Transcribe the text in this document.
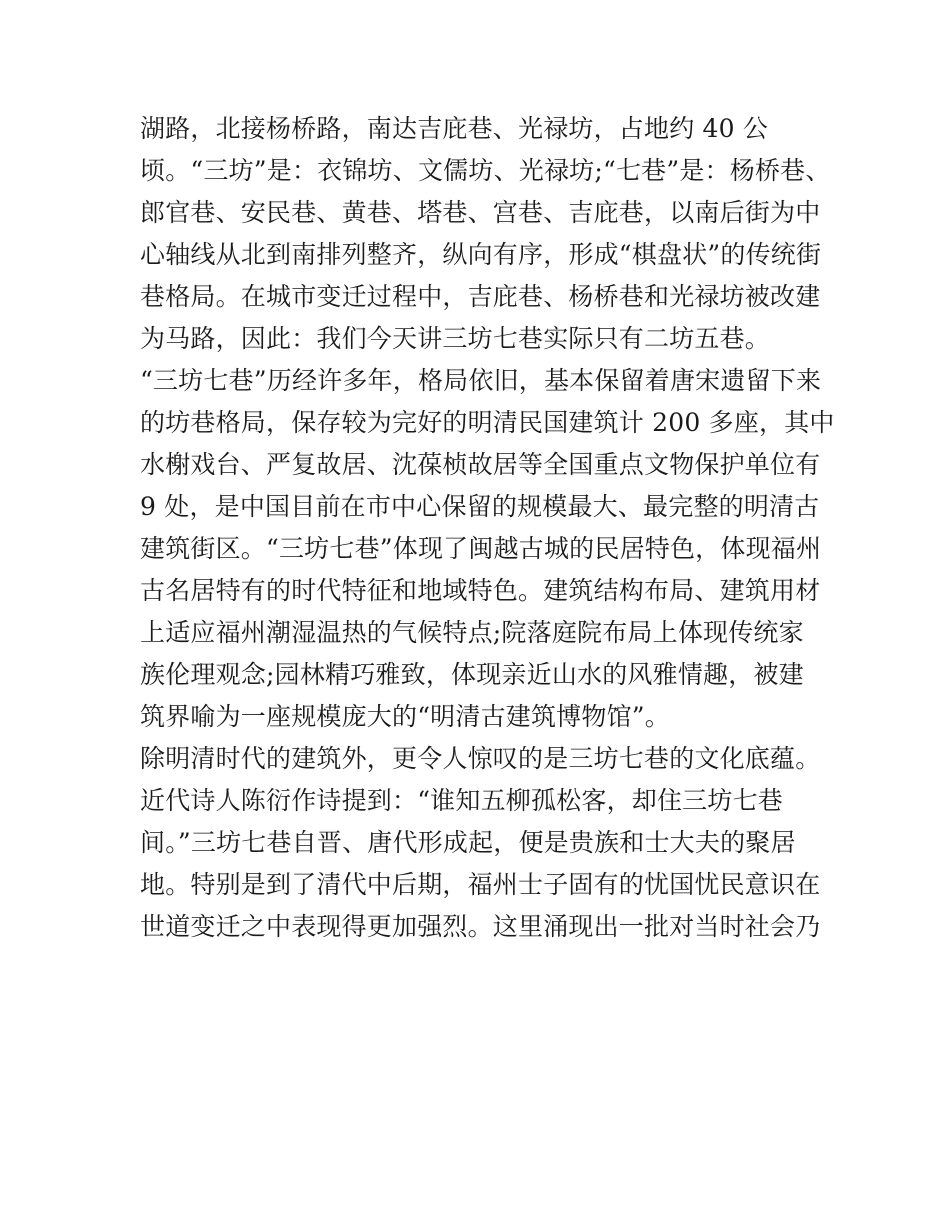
湖路，北接杨桥路，南达吉庇巷、光禄坊，占地约 40 公
顷。“三坊”是：衣锦坊、文儒坊、光禄坊;“七巷”是：杨桥巷、
郎官巷、安民巷、黄巷、塔巷、宫巷、吉庇巷，以南后街为中
心轴线从北到南排列整齐，纵向有序，形成“棋盘状”的传统街
巷格局。在城市变迁过程中，吉庇巷、杨桥巷和光禄坊被改建
为马路，因此：我们今天讲三坊七巷实际只有二坊五巷。
“三坊七巷”历经许多年，格局依旧，基本保留着唐宋遗留下来
的坊巷格局，保存较为完好的明清民国建筑计 200 多座，其中
水榭戏台、严复故居、沈葆桢故居等全国重点文物保护单位有
9 处，是中国目前在市中心保留的规模最大、最完整的明清古
建筑街区。“三坊七巷”体现了闽越古城的民居特色，体现福州
古名居特有的时代特征和地域特色。建筑结构布局、建筑用材
上适应福州潮湿温热的气候特点;院落庭院布局上体现传统家
族伦理观念;园林精巧雅致，体现亲近山水的风雅情趣，被建
筑界喻为一座规模庞大的“明清古建筑博物馆”。
除明清时代的建筑外，更令人惊叹的是三坊七巷的文化底蕴。
近代诗人陈衍作诗提到：“谁知五柳孤松客，却住三坊七巷
间。”三坊七巷自晋、唐代形成起，便是贵族和士大夫的聚居
地。特别是到了清代中后期，福州士子固有的忧国忧民意识在
世道变迁之中表现得更加强烈。这里涌现出一批对当时社会乃
